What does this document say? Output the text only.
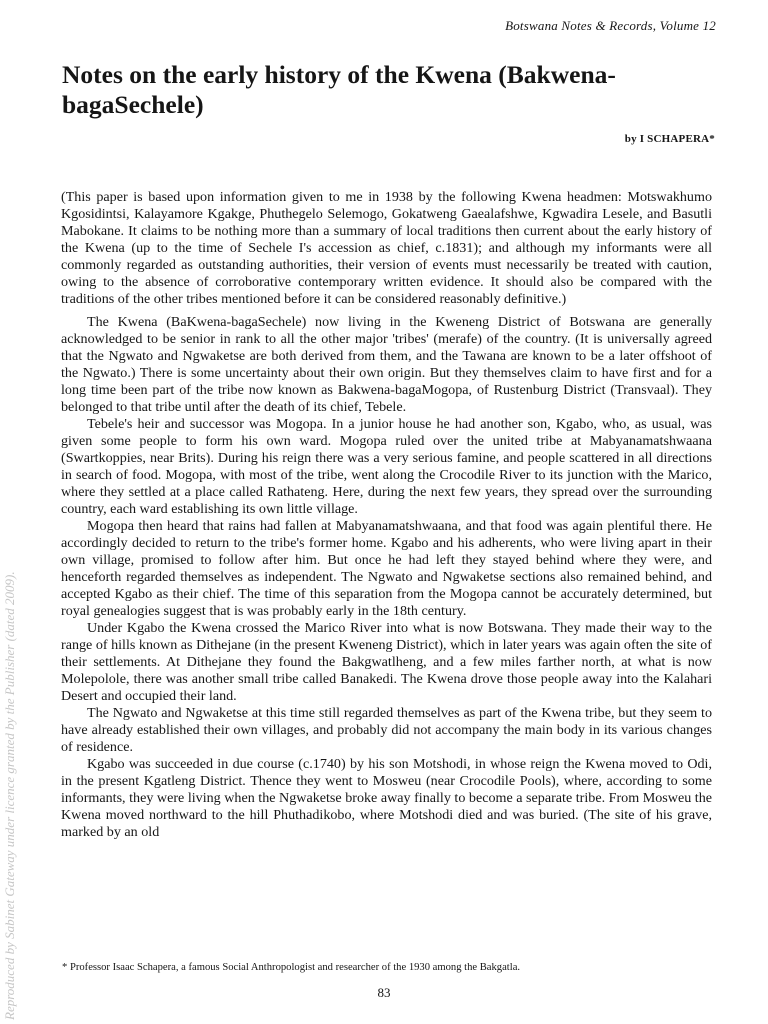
Botswana Notes & Records, Volume 12
Notes on the early history of the Kwena (Bakwena-bagaSechele)
by I SCHAPERA*

(This paper is based upon information given to me in 1938 by the following Kwena headmen: Motswakhumo Kgosidintsi, Kalayamore Kgakge, Phuthegelo Selemogo, Gokatweng Gaealafshwe, Kgwadira Lesele, and Basutli Mabokane. It claims to be nothing more than a summary of local traditions then current about the early history of the Kwena (up to the time of Sechele I's accession as chief, c.1831); and although my informants were all commonly regarded as outstanding authorities, their version of events must necessarily be treated with caution, owing to the absence of corroborative contemporary written evidence. It should also be compared with the traditions of the other tribes mentioned before it can be considered reasonably definitive.)

The Kwena (BaKwena-bagaSechele) now living in the Kweneng District of Botswana are generally acknowledged to be senior in rank to all the other major 'tribes' (merafe) of the country. (It is universally agreed that the Ngwato and Ngwaketse are both derived from them, and the Tawana are known to be a later offshoot of the Ngwato.) There is some uncertainty about their own origin. But they themselves claim to have first and for a long time been part of the tribe now known as Bakwena-bagaMogopa, of Rustenburg District (Transvaal). They belonged to that tribe until after the death of its chief, Tebele.

Tebele's heir and successor was Mogopa. In a junior house he had another son, Kgabo, who, as usual, was given some people to form his own ward. Mogopa ruled over the united tribe at Mabyanamatshwaana (Swartkoppies, near Brits). During his reign there was a very serious famine, and people scattered in all directions in search of food. Mogopa, with most of the tribe, went along the Crocodile River to its junction with the Marico, where they settled at a place called Rathateng. Here, during the next few years, they spread over the surrounding country, each ward establishing its own little village.

Mogopa then heard that rains had fallen at Mabyanamatshwaana, and that food was again plentiful there. He accordingly decided to return to the tribe's former home. Kgabo and his adherents, who were living apart in their own village, promised to follow after him. But once he had left they stayed behind where they were, and henceforth regarded themselves as independent. The Ngwato and Ngwaketse sections also remained behind, and accepted Kgabo as their chief. The time of this separation from the Mogopa cannot be accurately determined, but royal genealogies suggest that is was probably early in the 18th century.

Under Kgabo the Kwena crossed the Marico River into what is now Botswana. They made their way to the range of hills known as Dithejane (in the present Kweneng District), which in later years was again often the site of their settlements. At Dithejane they found the Bakgwatlheng, and a few miles farther north, at what is now Molepolole, there was another small tribe called Banakedi. The Kwena drove those people away into the Kalahari Desert and occupied their land.

The Ngwato and Ngwaketse at this time still regarded themselves as part of the Kwena tribe, but they seem to have already established their own villages, and probably did not accompany the main body in its various changes of residence.

Kgabo was succeeded in due course (c.1740) by his son Motshodi, in whose reign the Kwena moved to Odi, in the present Kgatleng District. Thence they went to Mosweu (near Crocodile Pools), where, according to some informants, they were living when the Ngwaketse broke away finally to become a separate tribe. From Mosweu the Kwena moved northward to the hill Phuthadikobo, where Motshodi died and was buried. (The site of his grave, marked by an old

* Professor Isaac Schapera, a famous Social Anthropologist and researcher of the 1930 among the Bakgatla.
83
Reproduced by Sabinet Gateway under licence granted by the Publisher (dated 2009).
